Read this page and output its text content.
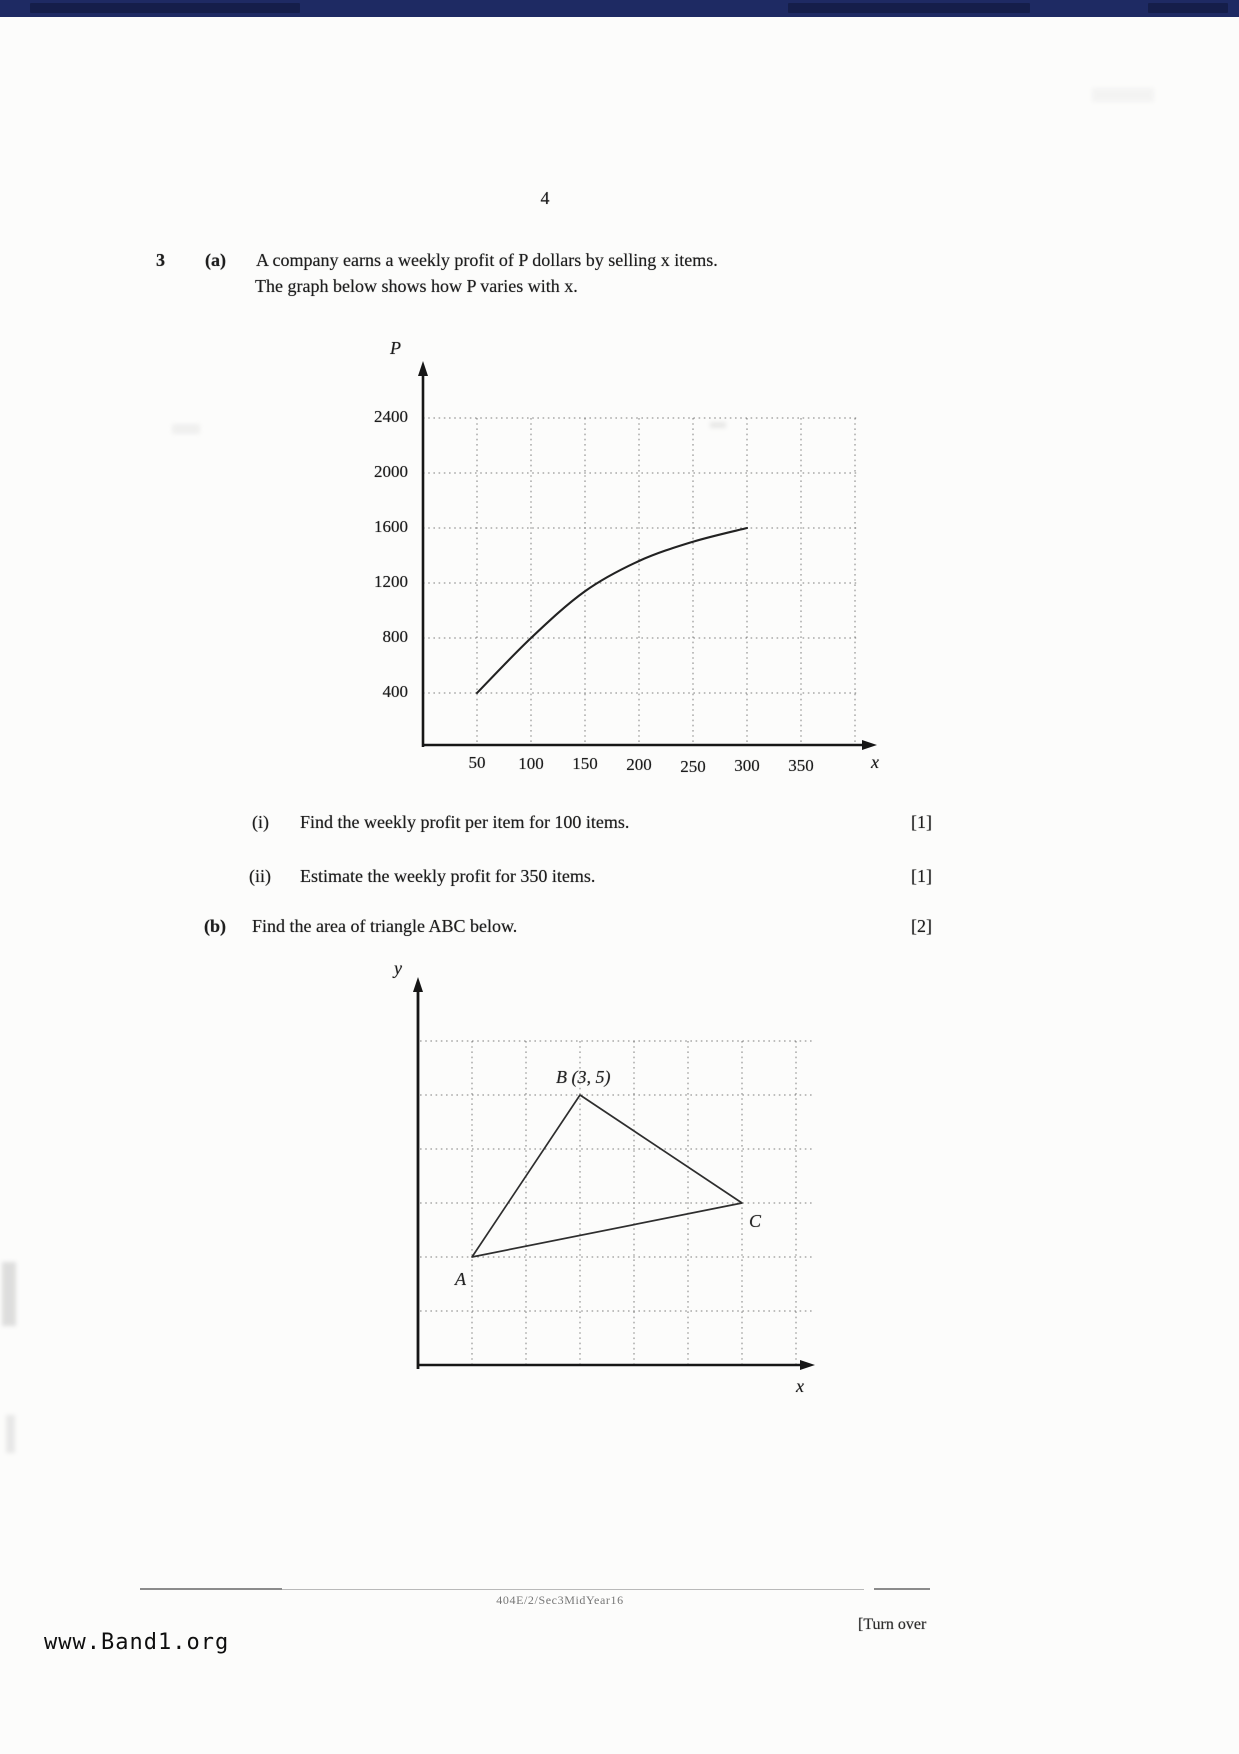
4
3 (a) A company earns a weekly profit of P dollars by selling x items.
The graph below shows how P varies with x.
400
800
1200
1600
2000
2400
50	100	150	200	250	300	350
P
x
y
x
A
B (3, 5)
C
(i) Find the weekly profit per item for 100 items.	[1]
(ii) Estimate the weekly profit for 350 items.	[1]
(b) Find the area of triangle ABC below.	[2]
404E/2/Sec3MidYear16
[Turn over
www.Band1.org
